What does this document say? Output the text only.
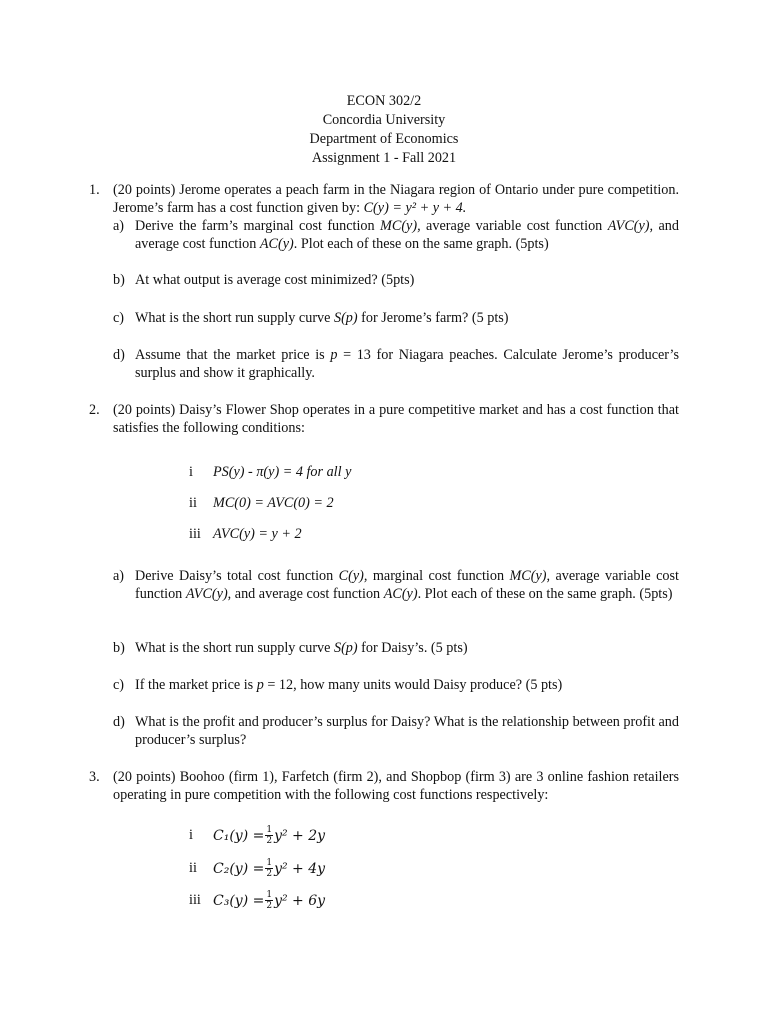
ECON 302/2
Concordia University
Department of Economics
Assignment 1 - Fall 2021
1. (20 points) Jerome operates a peach farm in the Niagara region of Ontario under pure competition. Jerome’s farm has a cost function given by: C(y) = y² + y + 4.
a) Derive the farm’s marginal cost function MC(y), average variable cost function AVC(y), and average cost function AC(y). Plot each of these on the same graph. (5pts)
b) At what output is average cost minimized? (5pts)
c) What is the short run supply curve S(p) for Jerome’s farm? (5 pts)
d) Assume that the market price is p = 13 for Niagara peaches. Calculate Jerome’s producer’s surplus and show it graphically.
2. (20 points) Daisy’s Flower Shop operates in a pure competitive market and has a cost function that satisfies the following conditions:
i PS(y) - π(y) = 4 for all y
ii MC(0) = AVC(0) = 2
iii AVC(y) = y + 2
a) Derive Daisy’s total cost function C(y), marginal cost function MC(y), average variable cost function AVC(y), and average cost function AC(y). Plot each of these on the same graph. (5pts)
b) What is the short run supply curve S(p) for Daisy’s. (5 pts)
c) If the market price is p = 12, how many units would Daisy produce? (5 pts)
d) What is the profit and producer’s surplus for Daisy? What is the relationship between profit and producer’s surplus?
3. (20 points) Boohoo (firm 1), Farfetch (firm 2), and Shopbop (firm 3) are 3 online fashion retailers operating in pure competition with the following cost functions respectively:
i $C_1(y) = \frac{1}{2} y^2 + 2y$
ii $C_2(y) = \frac{1}{2} y^2 + 4y$
iii $C_3(y) = \frac{1}{2} y^2 + 6y$
